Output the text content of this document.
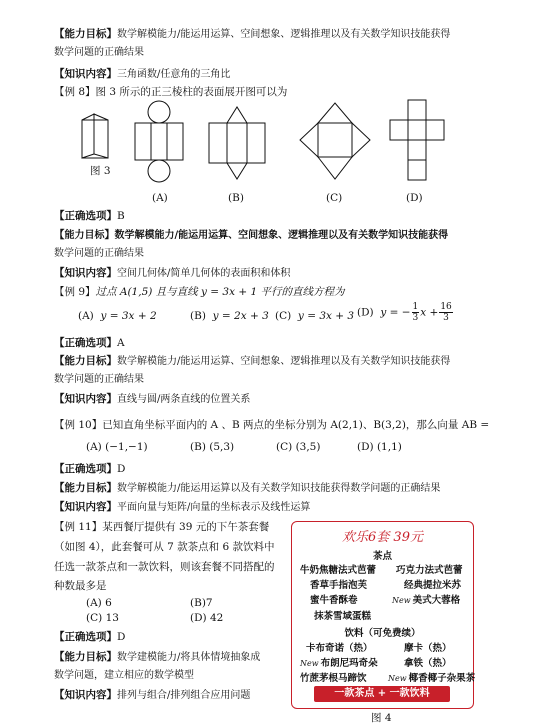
【能力目标】数学解模能力/能运用运算、空间想象、逻辑推理以及有关数学知识技能获得
数学问题的正确结果
【知识内容】三角函数/任意角的三角比
【例 8】图 3 所示的正三棱柱的表面展开图可以为
图 3
(A)	(B)	(C)	(D)
【正确选项】B
【能力目标】数学解模能力/能运用运算、空间想象、逻辑推理以及有关数学知识技能获得
数学问题的正确结果
【知识内容】空间几何体/简单几何体的表面积和体积
【例 9】过点 A(1,5) 且与直线 y = 3x + 1 平行的直线方程为
(A) y = 3x + 2	(B) y = 2x + 3 (C) y = 3x + 3 (D) y = − $\frac{1}{3}$ $x + \frac{16}{3}$
【正确选项】A
【能力目标】数学解模能力/能运用运算、空间想象、逻辑推理以及有关数学知识技能获得
数学问题的正确结果
【知识内容】直线与圆/两条直线的位置关系
【例 10】已知直角坐标平面内的 A 、B 两点的坐标分别为 A(2,1)、B(3,2)，那么向量 AB =
(A) (−1,−1)	(B) (5,3)	(C) (3,5)	(D) (1,1)
【正确选项】D
【能力目标】数学解模能力/能运用运算以及有关数学知识技能获得数学问题的正确结果
【知识内容】平面向量与矩阵/向量的坐标表示及线性运算
【例 11】某西餐厅提供有 39 元的下午茶套餐
（如图 4），此套餐可从 7 款茶点和 6 款饮料中
任选一款茶点和一款饮料，则该套餐不同搭配的
种数最多是
(A) 6	(B)7
(C) 13	(D) 42
【正确选项】D
【能力目标】数学建模能力/将具体情境抽象成
数学问题，建立相应的数学模型
【知识内容】排列与组合/排列组合应用问题
欢乐6套 39元
茶点
牛奶焦糖法式芭蕾 巧克力法式芭蕾
香草手指泡芙	经典提拉米苏
蜜牛香酥卷	New 美式大蓉格
抹茶雪域蛋糕
饮料（可免费续）
卡布奇诺（热）	摩卡（热）
New 布朗尼玛奇朵	拿铁（热）
竹蔗茅根马蹄饮	New 椰香椰子杂果茶
一款茶点 + 一款饮料
图 4
